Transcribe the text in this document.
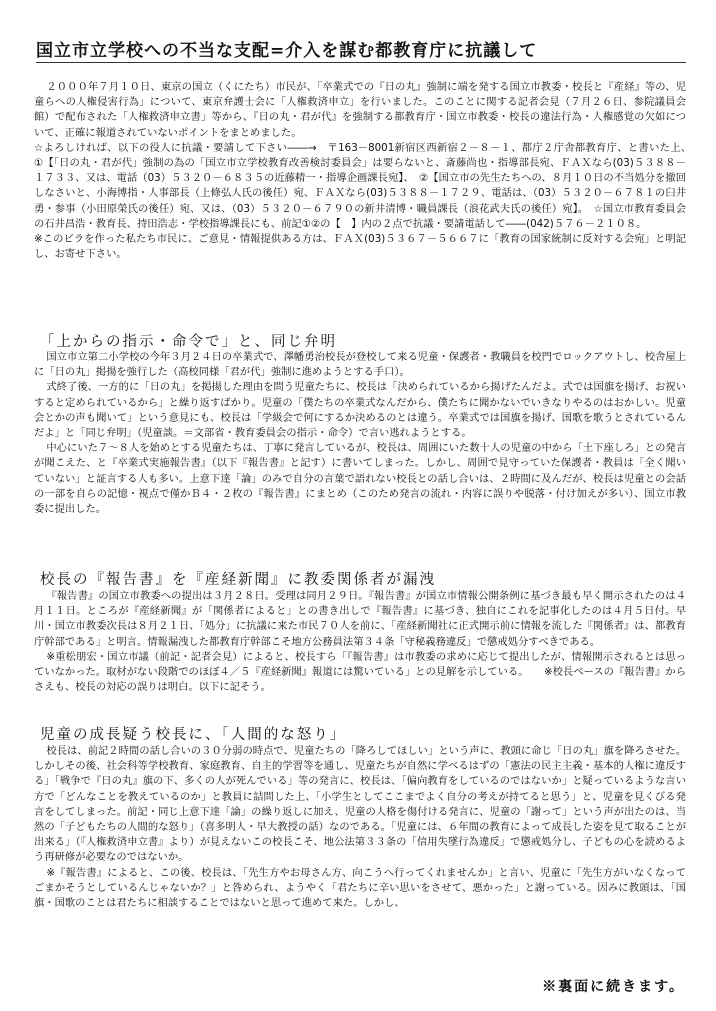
国立市立学校への不当な支配=介入を謀む都教育庁に抗議して

２０００年７月１０日、東京の国立（くにたち）市民が、「卒業式での『日の丸』強制に端を発する国立市教委・校長と『産経』等の、児童らへの人権侵害行為」について、東京弁護士会に「人権救済申立」を行いました。このことに関する記者会見（７月２６日、参院議員会館）で配布された「人権救済申立書」等から、『日の丸・君が代』を強制する都教育庁・国立市教委・校長の違法行為・人権感覚の欠如について、正確に報道されていないポイントをまとめました。

☆よろしければ、以下の役人に抗議・要請して下さい――→　〒163－8001新宿区西新宿２－８－１、都庁２庁舎都教育庁、と書いた上、　①【「日の丸・君が代」強制の為の「国立市立学校教育改善検討委員会」は要らないと、斎藤尚也・指導部長宛、ＦＡＸなら(03)５３８８－１７３３、又は、電話（03）５３２０－６８３５の近藤精一・指導企画課長宛】、　②【国立市の先生たちへの、８月１０日の不当処分を撤回しなさいと、小海博指・人事部長（上條弘人氏の後任）宛、ＦＡＸなら(03)５３８８－１７２９、電話は、（03）５３２０－６７８１の臼井勇・参事（小田原榮氏の後任）宛、又は、（03）５３２０－６７９０の新井清博・職員課長（浪花武夫氏の後任）宛】。　☆国立市教育委員会の石井昌浩・教育長、持田浩志・学校指導課長にも、前記①②の【　】内の２点で抗議・要請電話して――(042)５７６－２１０８。

※このビラを作った私たち市民に、ご意見・情報提供ある方は、ＦＡＸ(03)５３６７－５６６７に「教育の国家統制に反対する会宛」と明記し、お寄せ下さい。

「上からの指示・命令で」と、同じ弁明

国立市立第二小学校の今年３月２４日の卒業式で、澤幡勇治校長が登校して来る児童・保護者・教職員を校門でロックアウトし、校舎屋上に「日の丸」掲揚を強行した（高校同様「君が代」強制に進めようとする手口）。

式終了後、一方的に「日の丸」を掲揚した理由を問う児童たちに、校長は「決められているから揚げたんだよ。式では国旗を揚げ、お祝いすると定められているから」と繰り返すばかり。児童の「僕たちの卒業式なんだから、僕たちに聞かないでいきなりやるのはおかしい。児童会とかの声も聞いて」という意見にも、校長は「学級会で何にするか決めるのとは違う。卒業式では国旗を揚げ、国歌を歌うとされているんだよ」と「同じ弁明」（児童談。＝文部省・教育委員会の指示・命令）で言い逃れようとする。

中心にいた７～８人を始めとする児童たちは、丁寧に発言しているが、校長は、周囲にいた数十人の児童の中から「土下座しろ」との発言が聞こえた、と『卒業式実施報告書』（以下『報告書』と記す）に書いてしまった。しかし、周囲で見守っていた保護者・教員は「全く聞いていない」と証言する人も多い。上意下達「論」のみで自分の言葉で語れない校長との話し合いは、２時間に及んだが、校長は児童との会話の一部を自らの記憶・視点で僅かＢ４・２枚の『報告書』にまとめ（このため発言の流れ・内容に誤りや脱落・付け加えが多い）、国立市教委に提出した。

校長の『報告書』を『産経新聞』に教委関係者が漏洩

『報告書』の国立市教委への提出は３月２８日。受理は同月２９日。『報告書』が国立市情報公開条例に基づき最も早く開示されたのは４月１１日。ところが『産経新聞』が「関係者によると」との書き出しで『報告書』に基づき、独自にこれを記事化したのは４月５日付。早川・国立市教委次長は８月２１日、「処分」に抗議に来た市民７０人を前に、「産経新聞社に正式開示前に情報を流した『関係者』は、都教育庁幹部である」と明言。情報漏洩した都教育庁幹部こそ地方公務員法第３４条「守秘義務違反」で懲戒処分すべきである。

※重松朋宏・国立市議（前記・記者会見）によると、校長すら「『報告書』は市教委の求めに応じて提出したが、情報開示されるとは思っていなかった。取材がない段階でのほぼ４／５『産経新聞』報道には驚いている」との見解を示している。　　※校長ベースの『報告書』からさえも、校長の対応の誤りは明白。以下に記そう。

児童の成長疑う校長に、「人間的な怒り」

校長は、前記２時間の話し合いの３０分弱の時点で、児童たちの「降ろしてほしい」という声に、教頭に命じ「日の丸」旗を降ろさせた。しかしその後、社会科等学校教育、家庭教育、自主的学習等を通し、児童たちが自然に学べるはずの「憲法の民主主義・基本的人権に違反する」「戦争で『日の丸』旗の下、多くの人が死んでいる」等の発言に、校長は、「偏向教育をしているのではないか」と疑っているような言い方で「どんなことを教えているのか」と教員に詰問した上、「小学生としてここまでよく自分の考えが持てると思う」と、児童を見くびる発言をしてしまった。前記・同じ上意下達「論」の繰り返しに加え、児童の人格を傷付ける発言に、児童の「謝って」という声が出たのは、当然の「子どもたちの人間的な怒り」（喜多明人・早大教授の話）なのである。「児童には、６年間の教育によって成長した姿を見て取ることが出来る」（『人権救済申立書』より）が見えないこの校長こそ、地公法第３３条の「信用失墜行為違反」で懲戒処分し、子どもの心を読めるよう再研修が必要なのではないか。

※『報告書』によると、この後、校長は、「先生方やお母さん方、向こうへ行ってくれませんか」と言い、児童に「先生方がいなくなってごまかそうとしているんじゃないか？」と咎められ、ようやく「君たちに辛い思いをさせて、悪かった」と謝っている。因みに教頭は、「国旗・国歌のことは君たちに相談することではないと思って進めて来た。しかし、

※裏面に続きます。
